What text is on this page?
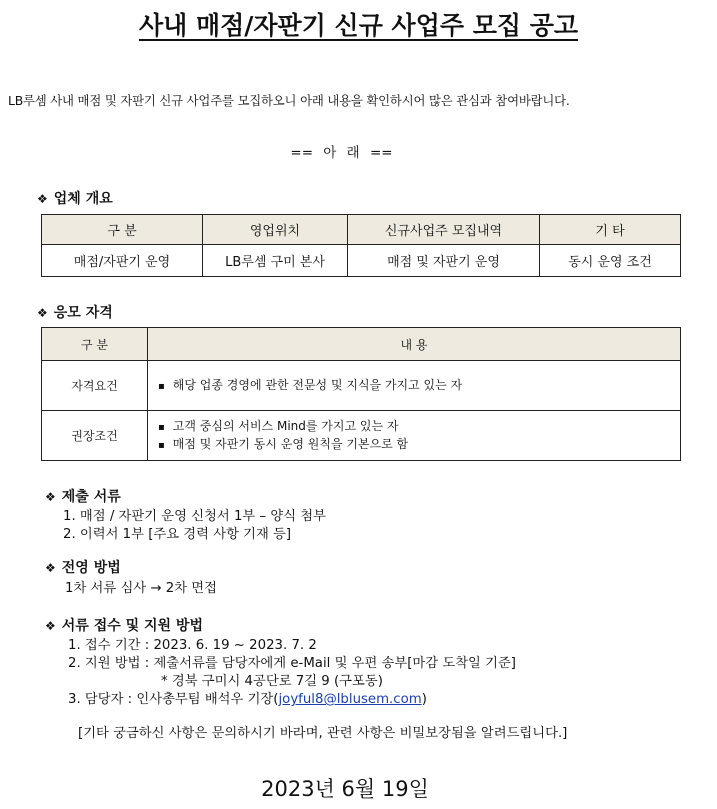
사내 매점/자판기 신규 사업주 모집 공고
LB루셈 사내 매점 및 자판기 신규 사업주를 모집하오니 아래 내용을 확인하시어 많은 관심과 참여바랍니다.
== 아 래 ==
❖ 업체 개요
구 분	영업위치	신규사업주 모집내역	기 타
매점/자판기 운영	LB루셈 구미 본사	매점 및 자판기 운영	동시 운영 조건
❖ 응모 자격
구 분	내 용
자격요건	▪ 해당 업종 경영에 관한 전문성 및 지식을 가지고 있는 자

권장조건	▪ 고객 중심의 서비스 Mind를 가지고 있는 자
▪ 매점 및 자판기 동시 운영 원칙을 기본으로 함
❖ 제출 서류
1. 매점 / 자판기 운영 신청서 1부 – 양식 첨부
2. 이력서 1부 [주요 경력 사항 기재 등]
❖ 전영 방법
1차 서류 심사 → 2차 면접
❖ 서류 접수 및 지원 방법
1. 접수 기간 : 2023. 6. 19 ~ 2023. 7. 2
2. 지원 방법 : 제출서류를 담당자에게 e-Mail 및 우편 송부[마감 도착일 기준]
* 경북 구미시 4공단로 7길 9 (구포동)
3. 담당자 : 인사총무팀 배석우 기장(joyful8@lblusem.com)
[기타 궁금하신 사항은 문의하시기 바라며, 관련 사항은 비밀보장됨을 알려드립니다.]
2023년 6월 19일
